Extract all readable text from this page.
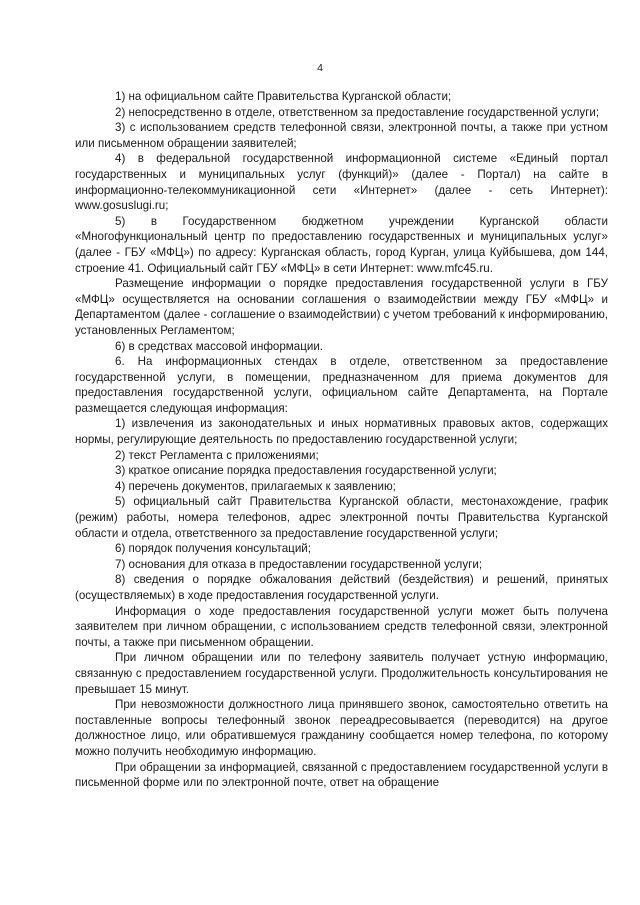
4

1) на официальном сайте Правительства Курганской области;

2) непосредственно в отделе, ответственном за предоставление государственной услуги;

3) с использованием средств телефонной связи, электронной почты, а также при устном или письменном обращении заявителей;

4) в федеральной государственной информационной системе «Единый портал государственных и муниципальных услуг (функций)» (далее - Портал) на сайте в информационно-телекоммуникационной сети «Интернет» (далее - сеть Интернет): www.gosuslugi.ru;

5) в Государственном бюджетном учреждении Курганской области «Многофункциональный центр по предоставлению государственных и муниципальных услуг» (далее - ГБУ «МФЦ») по адресу: Курганская область, город Курган, улица Куйбышева, дом 144, строение 41. Официальный сайт ГБУ «МФЦ» в сети Интернет: www.mfc45.ru.

Размещение информации о порядке предоставления государственной услуги в ГБУ «МФЦ» осуществляется на основании соглашения о взаимодействии между ГБУ «МФЦ» и Департаментом (далее - соглашение о взаимодействии) с учетом требований к информированию, установленных Регламентом;

6) в средствах массовой информации.

6. На информационных стендах в отделе, ответственном за предоставление государственной услуги, в помещении, предназначенном для приема документов для предоставления государственной услуги, официальном сайте Департамента, на Портале размещается следующая информация:

1) извлечения из законодательных и иных нормативных правовых актов, содержащих нормы, регулирующие деятельность по предоставлению государственной услуги;

2) текст Регламента с приложениями;

3) краткое описание порядка предоставления государственной услуги;

4) перечень документов, прилагаемых к заявлению;

5) официальный сайт Правительства Курганской области, местонахождение, график (режим) работы, номера телефонов, адрес электронной почты Правительства Курганской области и отдела, ответственного за предоставление государственной услуги;

6) порядок получения консультаций;

7) основания для отказа в предоставлении государственной услуги;

8) сведения о порядке обжалования действий (бездействия) и решений, принятых (осуществляемых) в ходе предоставления государственной услуги.

Информация о ходе предоставления государственной услуги может быть получена заявителем при личном обращении, с использованием средств телефонной связи, электронной почты, а также при письменном обращении.

При личном обращении или по телефону заявитель получает устную информацию, связанную с предоставлением государственной услуги. Продолжительность консультирования не превышает 15 минут.

При невозможности должностного лица принявшего звонок, самостоятельно ответить на поставленные вопросы телефонный звонок переадресовывается (переводится) на другое должностное лицо, или обратившемуся гражданину сообщается номер телефона, по которому можно получить необходимую информацию.

При обращении за информацией, связанной с предоставлением государственной услуги в письменной форме или по электронной почте, ответ на обращение
